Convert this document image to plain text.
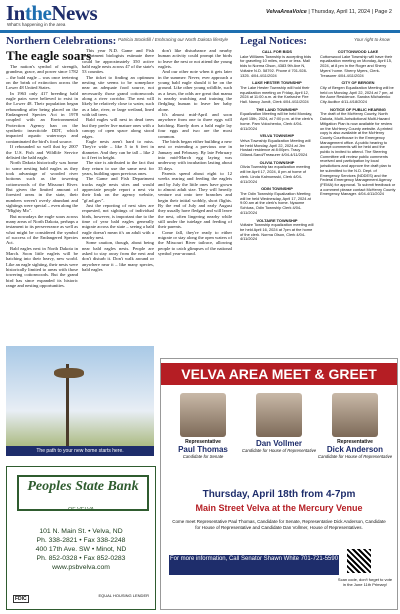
IntheNews
What's happening in the area
VelvaAreaVoice | Thursday, April 11, 2024 | Page 2
Northern Celebrations: Patricia Stockdill / Embracing our North Dakota lifestyle Legal Notices:	Your right to know
The eagle soars

The nation's symbol of strength, grandeur, grace, and power since 1782 – the bald eagle – was once teetering on the brink of extinction across the Lower 48 United States.

In 1963 only 417 breeding bald eagle pairs were believed to exist in the Lower 48. Their population began rebounding after being placed on the Endangered Species Act in 1978 coupled with an Environmental Protection Agency ban on the synthetic insecticide DDT, which impacted aquatic waterways and contaminated the bird's food source.

If rebounded so well that by 2007 the U.S. Fish and Wildlife Service delisted the bald eagle.

North Dakota historically was home to some nesting bald eagles as they took advantage of wooded river bottoms such as the towering cottonwoods of the Missouri River. But given the limited amount of forested areas in the state, their numbers weren't overly abundant and sightings were special – even along the "Mighty Mo".

But nowadays the eagle soars across many areas of North Dakota, perhaps a testament to its perseverance as well as what might be considered the symbol of success of the Endangered Species Act.

Bald eagles nest in North Dakota in March. Soon little eaglets will be hatching into their heavy, new world. Like an eagle sighting, their nests were historically limited to areas with those towering cottonwoods. But the grand bird has since expanded its historic range and nesting opportunities.

This year N.D. Game and Fish Department biologists estimate there could be approximately 350 active bald eagle nests across 47 of the state's 53 counties.

The ticket to finding an optimum nesting site seems to be someplace near an adequate food source, not necessarily those grand cottonwoods along a river corridor. The nest will likely be relatively close to water, such as a lake, river, or large wetland, lined with tall trees.

Bald eagles will nest in dead trees but they prefer live mature ones with a canopy of open space along stood edges.

Eagle nests aren't hard to miss. They're wide – like 5 to 6 feet in diameter. And they can be tall – like 2 to 4 feet in height.

The size is attributed to the fact that they return to use the same nest for years, building upon previous ones.

The Game and Fish Department tracks eagle nests sites and would appreciate people report a nest via their link on the agency website, "gf.nd.gov".

Just the reporting of nest sites are requested, not sightings of individual birds, however, is important due to the time of year bald eagles generally migrate across the state – seeing a bald eagle doesn't mean it's an adult with a nearby nest.

Some caution, though, about being near bald eagles nests. People are asked to stay away from the nest and don't disturb it. Don't walk around or anywhere near it – like many species, bald eagles

don't like disturbance and nearby human activity could prompt the birds to leave the nest or not attend the young eaglets.

And our other note when it gets later in the summer: Never, ever approach a young bald eagle should it be on the ground. Like other young wildlife, such as a fawn, the odds are great that mama is nearby watching and training the fledgling human to leave her baby alone.

It's almost mid-April and soon anywhere from one to three eggs will hatching. Rarely does a bald eagle lay four eggs and two are the most common.

The birds began either building a new nest or extending a previous one in January and February. By late February into mid-March egg laying was underway with incubation lasting about 35 days.

Parents spend about eight to 12 weeks rearing and feeding the eaglets and by July the little ones have grown to almost adult size. They will heavily venture out onto tree branches and begin their initial wobbly, short flights. By the end of July and early August they usually have fledged and will leave the nest, often lingering nearby while still under the tutelage and feeding of their parents.

Come fall, they're ready to either migrate or stay along the open waters of the Missouri River tailrace, allowing people to catch glimpses of the national symbol year-around.

CALL FOR BIDS

Lake Williams Township is accepting bids for graveling 10 miles, more or less. Mail bids to Norma Olson, 4383 9th Ave N, Voltaire N.D. 58792. Phone # 701-928-1325. 4/04-4/11/2024

LAKE HESTER TOWNSHIP

The Lake Hester Township will hold their equalization meeting on Friday, April 12, 2024 at 11:00 a.m. at the Karlsruhe Fire Hall. Nancy Jundt, Clerk 4/04-4/11/2024

THE LAND TOWNSHIP

Equalization Meeting will be held Monday, April 15th, 2024, at 7:00 p.m. at the clerk's home. Pam Volochenko, Clerk 4/04-4/11/2024

VELVA TOWNSHIP

Velva Township Equalization Meeting will be held Monday, April 22, 2024 at Jim Hostad residence at 8:00pm. Tracy Gilland-Sand/Treasurer 4/04-4/11/2024

OLIVIA TOWNSHIP

Olivia Township tax equalization meeting will be April 17, 2024, 8 pm at home of clerk. Linda Kalmorwski, Clerk 4/04-4/11/2024

ODIN TOWNSHIP

The Odin Township Equalization Meeting will be held Wednesday, April 17, 2024 at 9:00 am at the clerk's home. Nyaome Schluss, Odin Township Clerk 4/04-4/11/2024

VOLTAIRE TOWNSHIP

Voltaire Township equalization meeting will be held April 16, 2024 at 7pm at the home of the clerk. Norma Olson, Clerk 4/04-4/11/2024

COTTONWOOD LAKE

Cottonwood Lake Township will have their equalization meeting on Monday, April 15, 2024, at 8 pm in the Roger and Sherry Myers' home. Sherry Myers, Clerk-Treasurer 4/04-4/11/2024

CITY OF BERGEN

City of Bergen Equalization Meeting will be held on Monday, April 22, 2024 at 7 pm, at the Aune Residence. Sandra Michalenko City Auditor 4/11-4/18/2024

NOTICE OF PUBLIC HEARING

The draft of the McHenry County, North Dakota, Multi-Jurisdictional Multi-Hazard Mitigation Plan is now available for review on the McHenry County website. A printed copy is also available at the McHenry County Courthouse in the Emergency Management office. A public hearing to accept comments will be held and the public is invited to attend. The Steering Committee will review public comments received and participation by local jurisdictions and approve the draft plan to be submitted to the N.D. Dept. of Emergency Services (NDDES) and the Federal Emergency Management Agency (FEMA) for approval. To submit feedback or a comment please contact McHenry County Emergency Manager. 4/04-4/11/2024

The path to your new home starts here.
Peoples State Bank
OF VELVA
101 N. Main St. • Velva, ND
Ph. 338-2821 • Fax 338-2248
400 17th Ave. SW • Minot, ND
Ph. 852-0328 • Fax 852-0283
www.psbvelva.com
FDIC
EQUAL HOUSING LENDER
VELVA AREA MEET & GREET
Representative
Paul Thomas
Candidate for Senate
Dan Vollmer
Candidate for House of Representative
Representative
Dick Anderson
Candidate for House of Representative
Thursday, April 18th from 4-7pm
Main Street Velva at the Mercury Venue
Come meet Representative Paul Thomas, Candidate for Senate, Representative Dick Anderson, Candidate for House of Representative and Candidate Dan Vollmer, House of Representatives.
For more information, Call Senator Shawn White 701-721-5590
Scan code, don't forget to vote in the June 11th Primary!
